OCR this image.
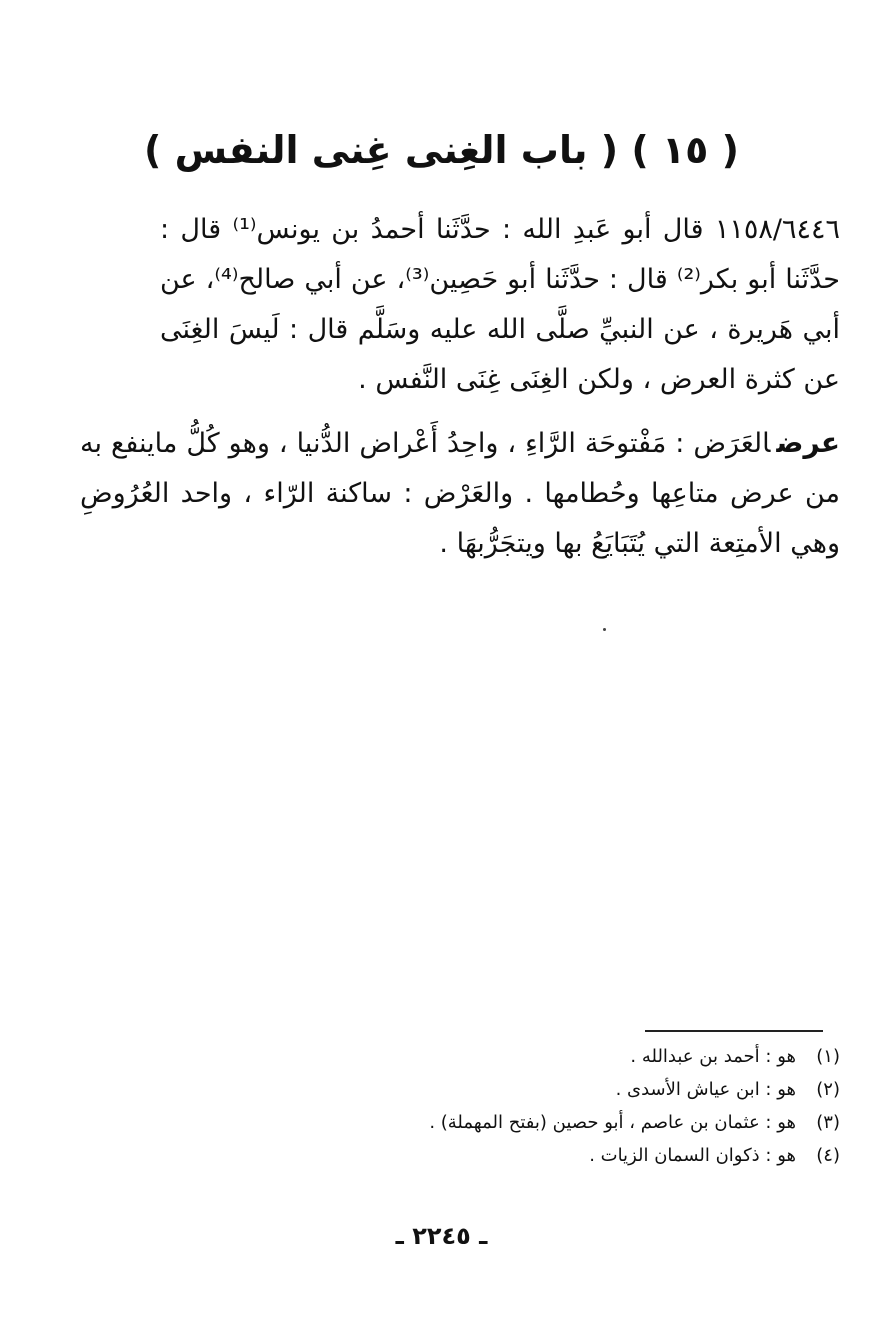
( ١٥ ) ( باب الغِنى غِنى النفس )
١١٥٨/٦٤٤٦ قال أبو عَبدِ الله : حدَّثَنا أحمدُ بن يونس⁽¹⁾ قال : حدَّثَنا أبو بكر⁽²⁾ قال : حدَّثَنا أبو حَصِين⁽³⁾، عن أبي صالح⁽⁴⁾، عن أبي هَريرة ، عن النبيِّ صلَّى الله عليه وسَلَّم قال : لَيسَ الغِنَى عن كثرة العرض ، ولكن الغِنَى غِنَى النَّفس .
عرضالعَرَض : مَفْتوحَة الرَّاءِ ، واحِدُ أَعْراض الدُّنيا ، وهو كُلُّ ماينفع به من عرض متاعِها وحُطامها . والعَرْض : ساكنة الرّاء ، واحد العُرُوضِ وهي الأمتِعة التي يُتَبَايَعُ بها ويتجَرُّبهَا .
(١)هو : أحمد بن عبدالله .
(٢)هو : ابن عياش الأسدى .
(٣)هو : عثمان بن عاصم ، أبو حصين (بفتح المهملة) .
(٤)هو : ذكوان السمان الزيات .
ـ ٢٢٤٥ ـ
